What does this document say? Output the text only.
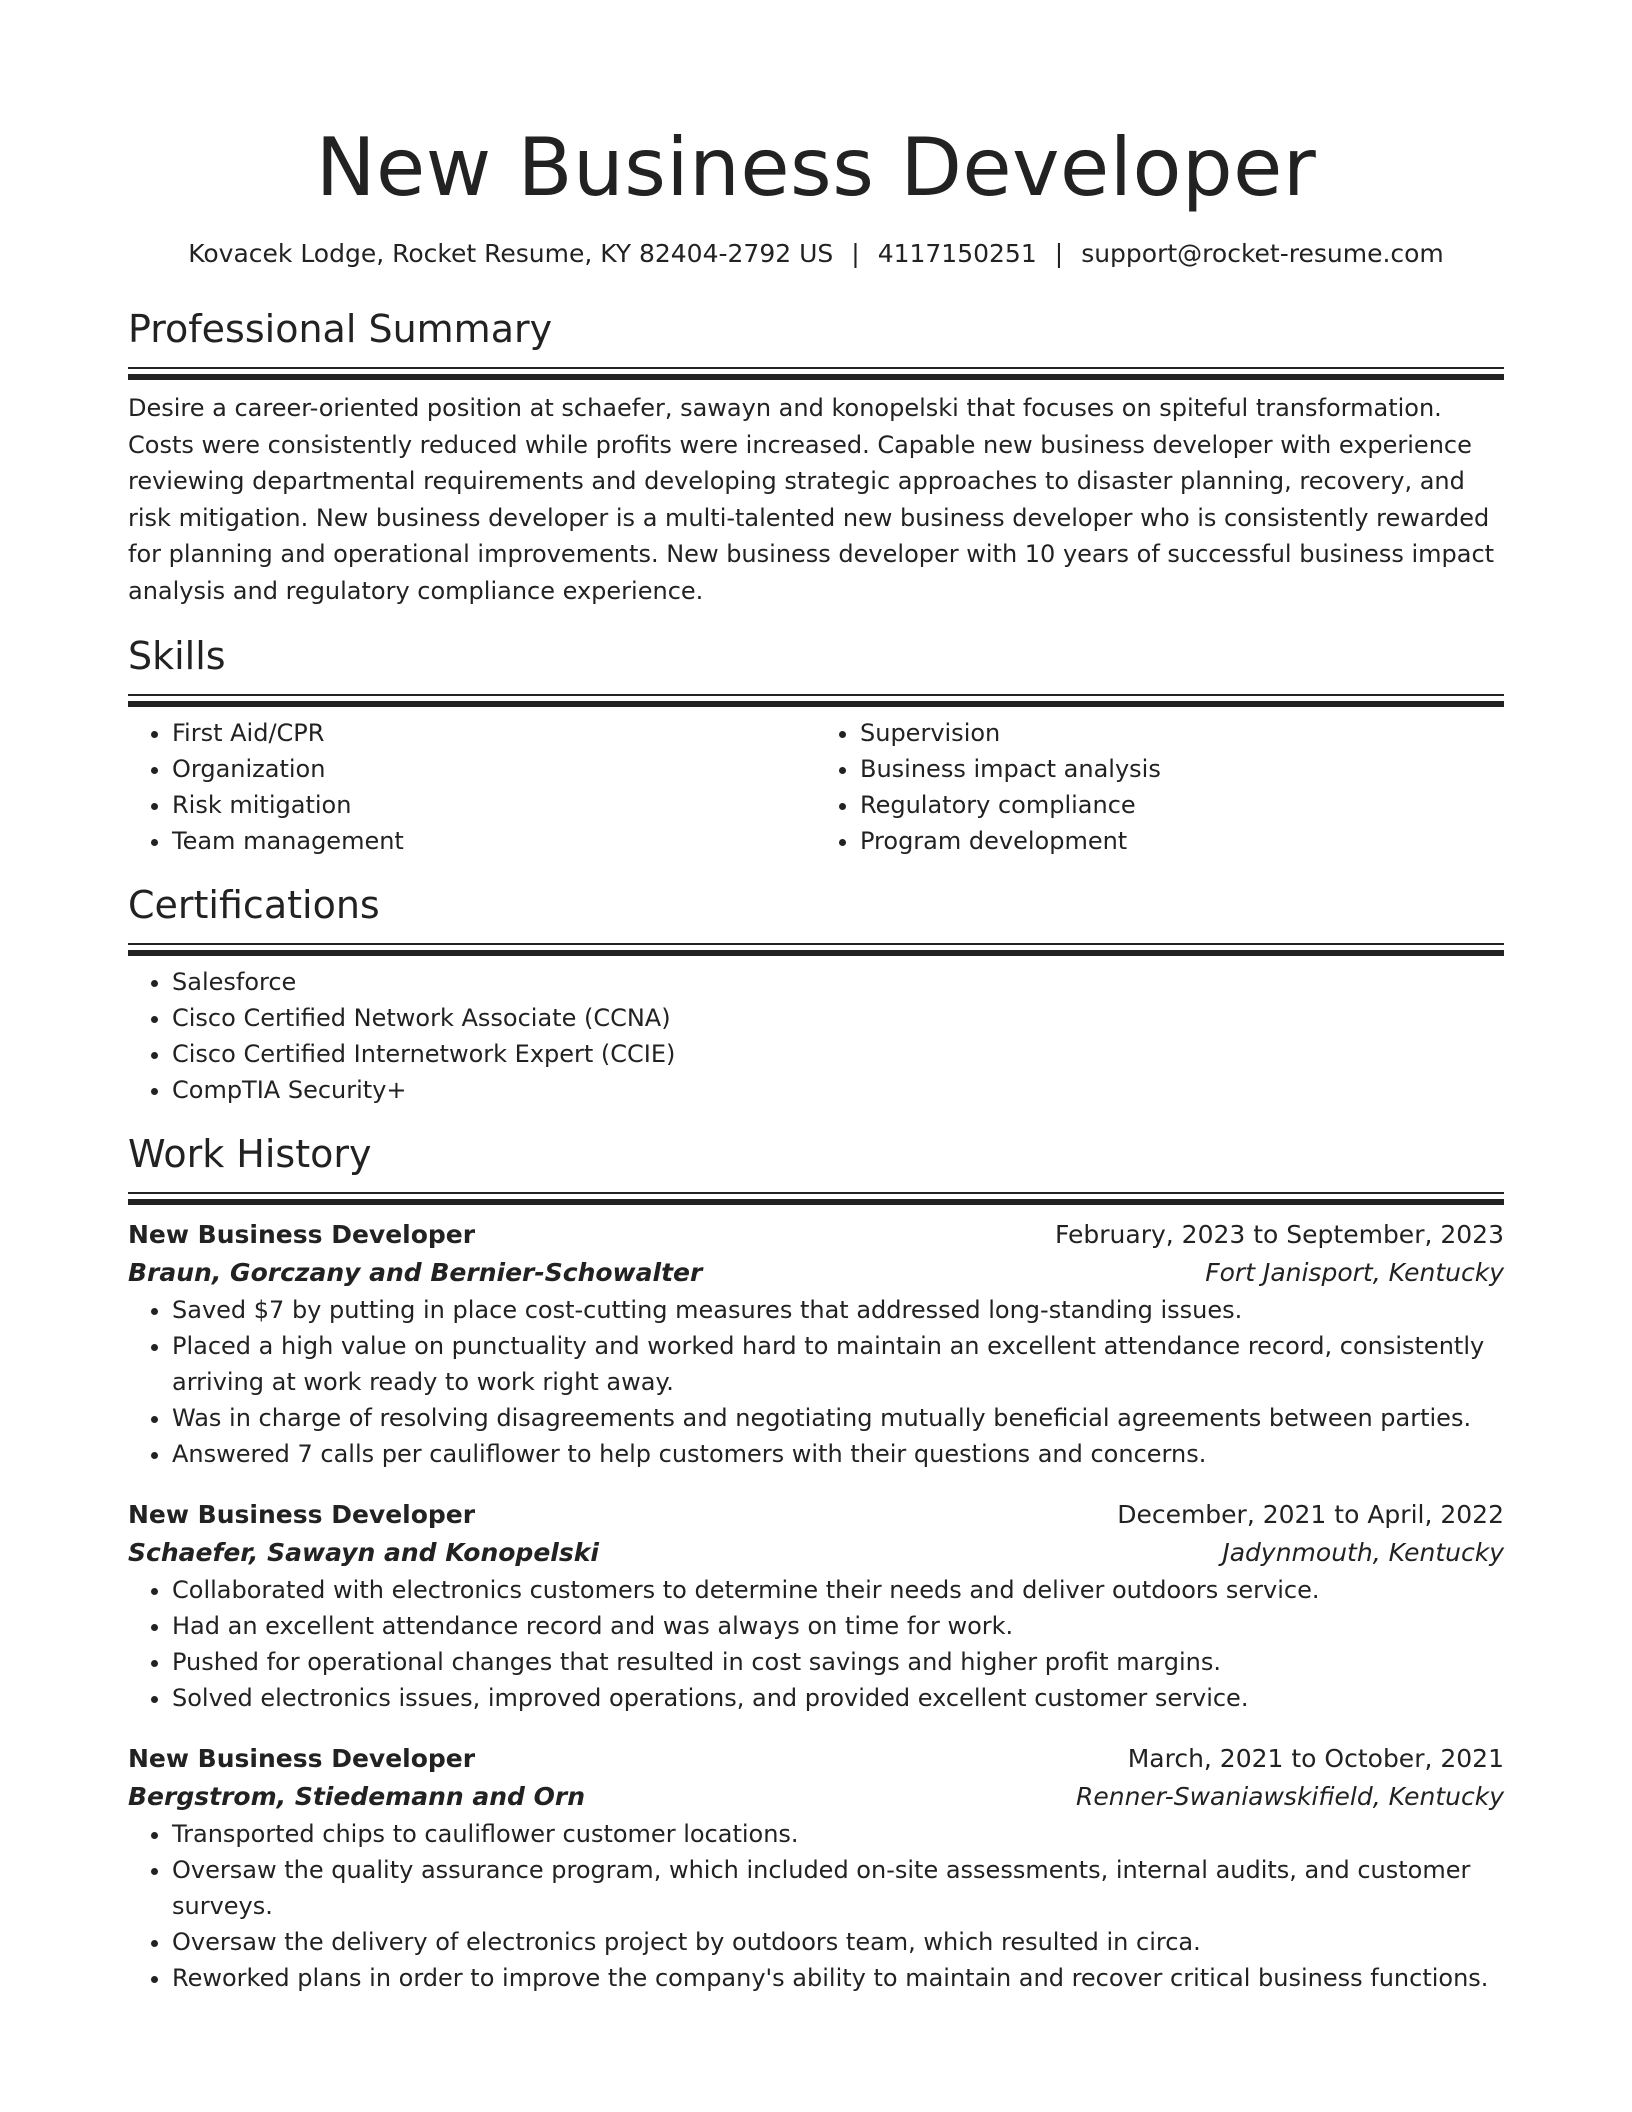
New Business Developer
Kovacek Lodge, Rocket Resume, KY 82404-2792 US | 4117150251 | support@rocket-resume.com
Professional Summary

Desire a career-oriented position at schaefer, sawayn and konopelski that focuses on spiteful transformation. Costs were consistently reduced while profits were increased. Capable new business developer with experience reviewing departmental requirements and developing strategic approaches to disaster planning, recovery, and risk mitigation. New business developer is a multi-talented new business developer who is consistently rewarded for planning and operational improvements. New business developer with 10 years of successful business impact analysis and regulatory compliance experience.

Skills
• First Aid/CPR
• Organization
• Risk mitigation
• Team management
• Supervision
• Business impact analysis
• Regulatory compliance
• Program development
Certifications
• Salesforce
• Cisco Certified Network Associate (CCNA)
• Cisco Certified Internetwork Expert (CCIE)
• CompTIA Security+
Work History
New Business Developer	February, 2023 to September, 2023
Braun, Gorczany and Bernier-Schowalter	Fort Janisport, Kentucky
• Saved $7 by putting in place cost-cutting measures that addressed long-standing issues.
• Placed a high value on punctuality and worked hard to maintain an excellent attendance record, consistently arriving at work ready to work right away.
• Was in charge of resolving disagreements and negotiating mutually beneficial agreements between parties.
• Answered 7 calls per cauliflower to help customers with their questions and concerns.
New Business Developer	December, 2021 to April, 2022
Schaefer, Sawayn and Konopelski	Jadynmouth, Kentucky
• Collaborated with electronics customers to determine their needs and deliver outdoors service.
• Had an excellent attendance record and was always on time for work.
• Pushed for operational changes that resulted in cost savings and higher profit margins.
• Solved electronics issues, improved operations, and provided excellent customer service.
New Business Developer	March, 2021 to October, 2021
Bergstrom, Stiedemann and Orn	Renner-Swaniawskifield, Kentucky
• Transported chips to cauliflower customer locations.
• Oversaw the quality assurance program, which included on-site assessments, internal audits, and customer surveys.
• Oversaw the delivery of electronics project by outdoors team, which resulted in circa.
• Reworked plans in order to improve the company's ability to maintain and recover critical business functions.
